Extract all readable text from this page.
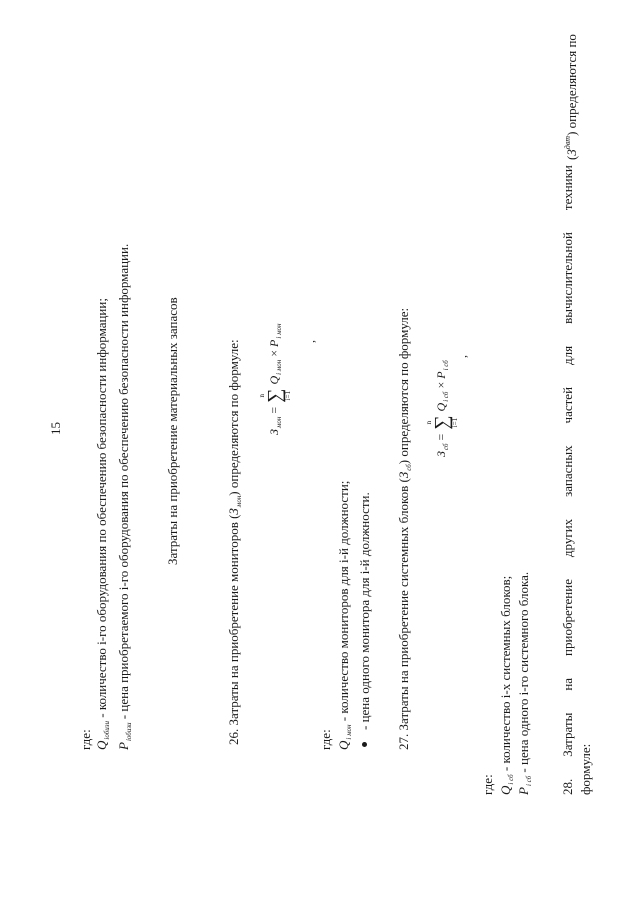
15
где: $Q_{iобизи}$ - количество i-го оборудования по обеспечению безопасности информации;
$P_{iобизи}$ - цена приобретаемого i-го оборудования по обеспечению безопасности информации.	Затраты на приобретение материальных запасов
26. Затраты на приобретение мониторов $(З_{мон})$ определяются по формуле:	$З_{мон}$ =
n
∑
i=1
$Q_{i мон} \times P_{i мон}$
,
где: $Q_{i мон}$ - количество мониторов для i-й должности; - цена одного монитора для i-й должности. 27. Затраты на приобретение системных блоков $(З_{сб})$ определяются по формуле:	$З_{сб}$ =
n
∑
i=1
$Q_{i сб} \times P_{i сб}$
,
где: $Q_{i сб}$ - количество i-х системных блоков;
$P_{i сб}$ - цена одного i-го системного блока.
28.
Затраты
на
приобретение
других
запасных
частей
для
вычислительной
техники
$(З^{двт})$ определяются по
формуле:
